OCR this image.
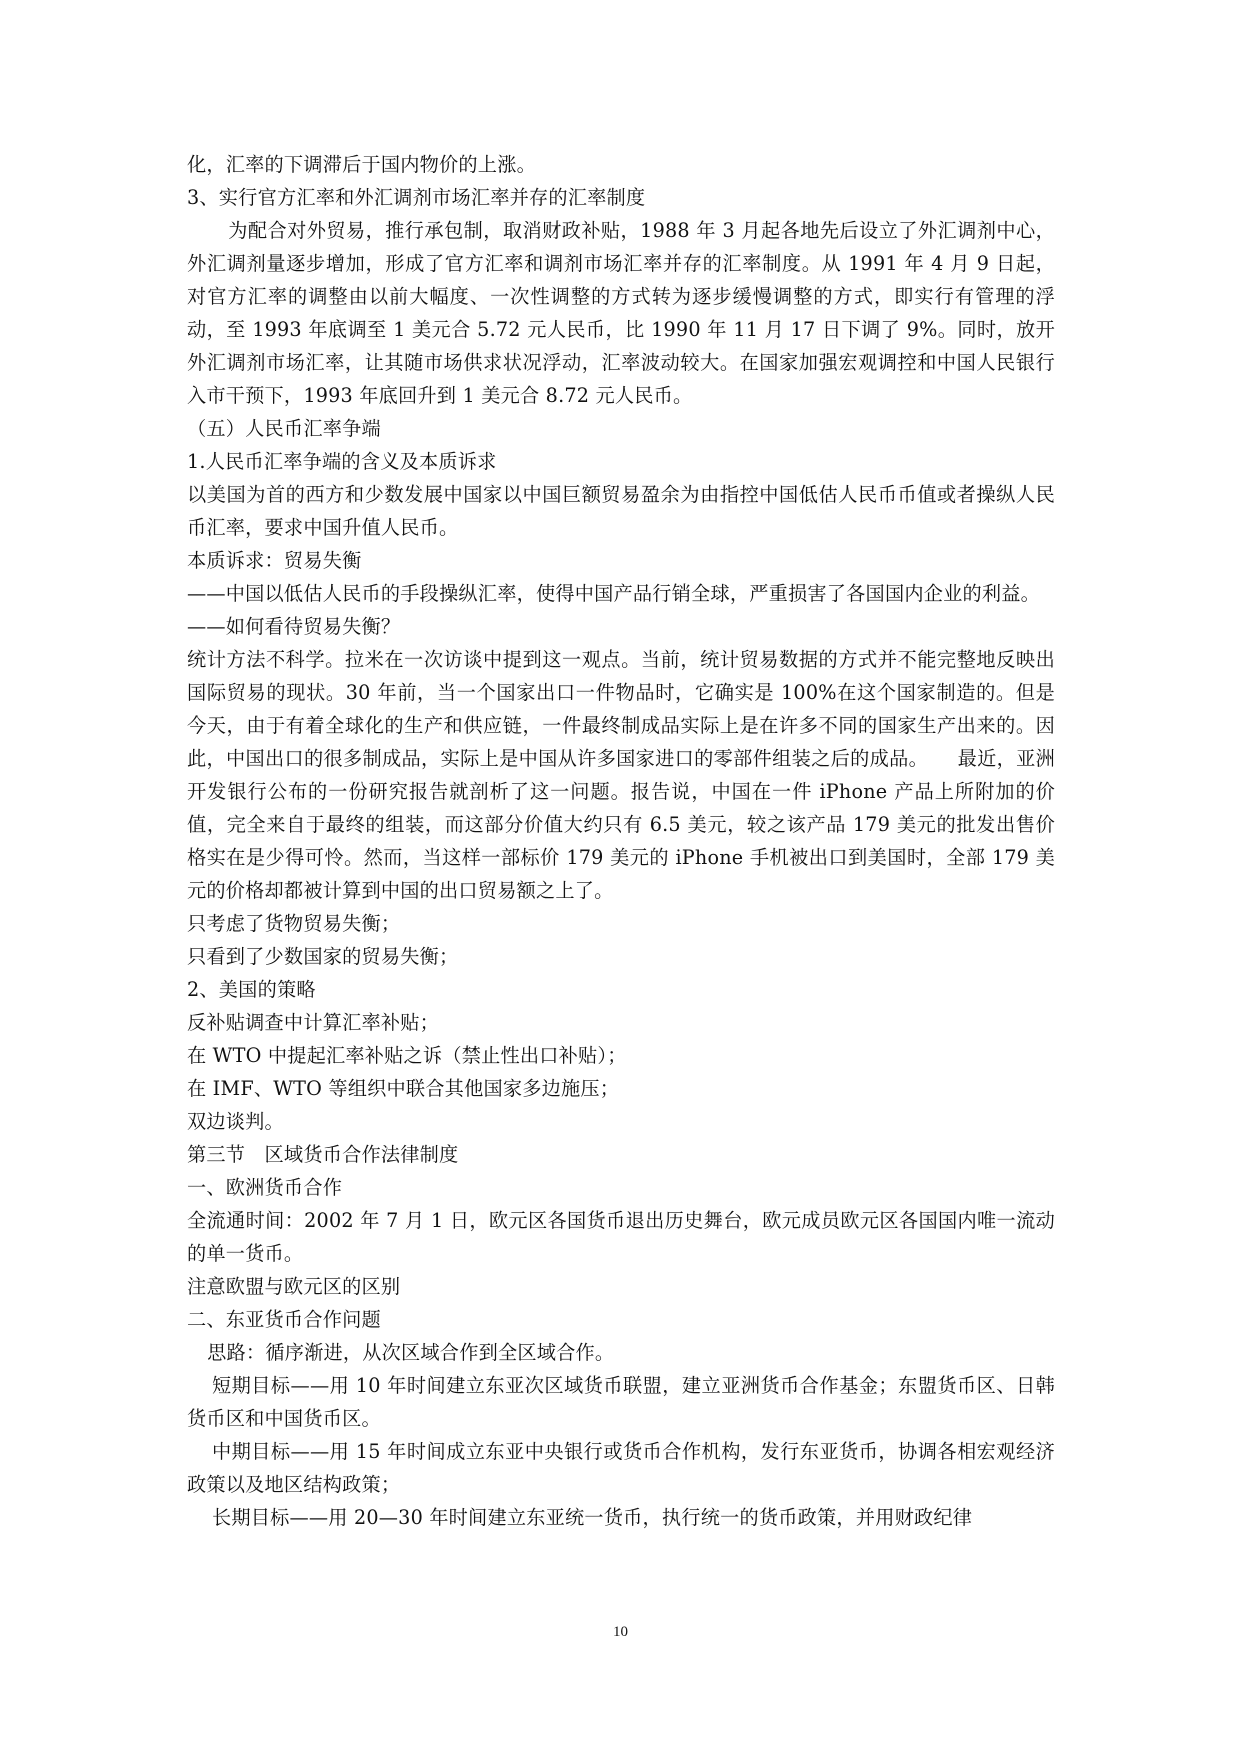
化，汇率的下调滞后于国内物价的上涨。

3、实行官方汇率和外汇调剂市场汇率并存的汇率制度

为配合对外贸易，推行承包制，取消财政补贴，1988 年 3 月起各地先后设立了外汇调剂中心，外汇调剂量逐步增加，形成了官方汇率和调剂市场汇率并存的汇率制度。从 1991 年 4 月 9 日起，对官方汇率的调整由以前大幅度、一次性调整的方式转为逐步缓慢调整的方式，即实行有管理的浮动，至 1993 年底调至 1 美元合 5.72 元人民币，比 1990 年 11 月 17 日下调了 9%。同时，放开外汇调剂市场汇率，让其随市场供求状况浮动，汇率波动较大。在国家加强宏观调控和中国人民银行入市干预下，1993 年底回升到 1 美元合 8.72 元人民币。

（五）人民币汇率争端

1.人民币汇率争端的含义及本质诉求

以美国为首的西方和少数发展中国家以中国巨额贸易盈余为由指控中国低估人民币币值或者操纵人民币汇率，要求中国升值人民币。

本质诉求：贸易失衡

——中国以低估人民币的手段操纵汇率，使得中国产品行销全球，严重损害了各国国内企业的利益。

——如何看待贸易失衡？

统计方法不科学。拉米在一次访谈中提到这一观点。当前，统计贸易数据的方式并不能完整地反映出国际贸易的现状。30 年前，当一个国家出口一件物品时，它确实是 100%在这个国家制造的。但是今天，由于有着全球化的生产和供应链，一件最终制成品实际上是在许多不同的国家生产出来的。因此，中国出口的很多制成品，实际上是中国从许多国家进口的零部件组装之后的成品。　　最近，亚洲开发银行公布的一份研究报告就剖析了这一问题。报告说，中国在一件 iPhone 产品上所附加的价值，完全来自于最终的组装，而这部分价值大约只有 6.5 美元，较之该产品 179 美元的批发出售价格实在是少得可怜。然而，当这样一部标价 179 美元的 iPhone 手机被出口到美国时，全部 179 美元的价格却都被计算到中国的出口贸易额之上了。

只考虑了货物贸易失衡；

只看到了少数国家的贸易失衡；

2、美国的策略

反补贴调查中计算汇率补贴；

在 WTO 中提起汇率补贴之诉（禁止性出口补贴）；

在 IMF、WTO 等组织中联合其他国家多边施压；

双边谈判。

第三节　区域货币合作法律制度

一、欧洲货币合作

全流通时间：2002 年 7 月 1 日，欧元区各国货币退出历史舞台，欧元成员欧元区各国国内唯一流动的单一货币。

注意欧盟与欧元区的区别

二、东亚货币合作问题

思路：循序渐进，从次区域合作到全区域合作。

短期目标——用 10 年时间建立东亚次区域货币联盟，建立亚洲货币合作基金；东盟货币区、日韩货币区和中国货币区。

中期目标——用 15 年时间成立东亚中央银行或货币合作机构，发行东亚货币，协调各相宏观经济政策以及地区结构政策；

长期目标——用 20—30 年时间建立东亚统一货币，执行统一的货币政策，并用财政纪律

10
